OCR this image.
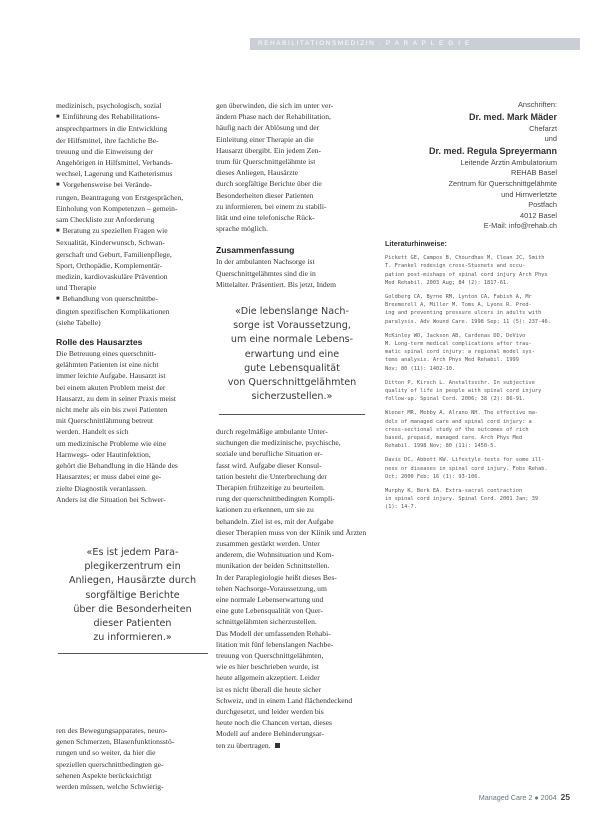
REHABILITATIONSMEDIZIN · P A R A P L E G I E
medizinisch, psychologisch, sozial
■ Einführung des Rehabilitations-
ansprechpartners in die Entwicklung
der Hilfsmittel, ihre fachliche Be-
treuung und die Einweisung der
Angehörigen in Hilfsmittel, Verbands-
wechsel, Lagerung und Katheterismus
■ Vorgehensweise bei Verände-
rungen, Beantragung von Erstgesprächen,
Einholung von Kompetenzen – gemein-
sam Checkliste zur Anforderung
■ Beratung zu speziellen Fragen wie
Sexualität, Kinderwunsch, Schwan-
gerschaft und Geburt, Familienpflege,
Sport, Orthopädie, Komplementär-
medizin, kardiovaskuläre Prävention
und Therapie
■ Behandlung von querschnittbe-
dingten spezifischen Komplikationen
(siehe Tabelle)

Rolle des Hausarztes

Die Betreuung eines querschnitt-
gelähmten Patienten ist eine nicht
immer leichte Aufgabe. Hausarzt ist
bei einem akuten Problem meist der
Hausarzt, zu dem in seiner Praxis meist
nicht mehr als ein bis zwei Patienten
mit Querschnittlähmung betreut
werden. Handelt es sich
um medizinische Probleme wie eine
Harnwegs- oder Hautinfektion,
gehört die Behandlung in die Hände des
Hausarztes; er muss dabei eine ge-
zielte Diagnostik veranlassen.
Anders ist die Situation bei Schwer-
«Es ist jedem Para-
plegikerzentrum ein
Anliegen, Hausärzte durch
sorgfältige Berichte
über die Besonderheiten
dieser Patienten
zu informieren.»
ren des Bewegungsapparates, neuro-
genen Schmerzen, Blasenfunktionsstö-
rungen und so weiter, da hier die
speziellen querschnittbedingten ge-
sehenen Aspekte berücksichtigt
werden müssen, welche Schwierig-
gen überwinden, die sich im unter ver-
ändern Phase nach der Rehabilitation,
häufig nach der Ablösung und der
Einleitung einer Therapie an die
Hausarzt übergibt. Ein jedem Zen-
trum für Querschnittgelähmte ist
dieses Anliegen, Hausärzte
durch sorgfältige Berichte über die
Besonderheiten dieser Patienten
zu informieren, bei einem zu stabili-
lität und eine telefonische Rück-
sprache möglich.

Zusammenfassung

In der ambulanten Nachsorge ist
Querschnittgelähmtes sind die in
Mittelalter. Präsentiert. Bis jetzt, Indem
«Die lebenslange Nach-
sorge ist Voraussetzung,
um eine normale Lebens-
erwartung und eine
gute Lebensqualität
von Querschnittgelähmten
sicherzustellen.»
durch regelmäßige ambulante Unter-
suchungen die medizinische, psychische,
soziale und berufliche Situation er-
fasst wird. Aufgabe dieser Konsul-
tation besteht die Unterbrechung der
Therapien frühzeitige zu beurteilen.
rung der querschnittbedingten Kompli-
kationen zu erkennen, um sie zu
behandeln. Ziel ist es, mit der Aufgabe
dieser Therapien muss von der Klinik und Ärzten
zusammen gestärkt werden. Unter
anderem, die Wohnsituation und Kom-
munikation der beiden Schnittstellen.
In der Paraplegiologie heißt dieses Bes-
tehen Nachsorge-Voraussetzung, um
eine normale Lebenserwartung und
eine gute Lebensqualität von Quer-
schnittgelähmten sicherzustellen.
Das Modell der umfassenden Rehabi-
litation mit fünf lebenslangen Nachbe-
treuung von Querschnittgelähmten,
wie es hier beschrieben wurde, ist
heute allgemein akzeptiert. Leider
ist es nicht überall die heute sicher
Schweiz, und in einem Land flächendeckend
durchgesetzt, und leider werden bis
heute noch die Chancen vertan, dieses
Modell auf andere Behinderungsar-
ten zu übertragen.
Anschriften:
Dr. med. Mark Mäder
Chefarzt
und
Dr. med. Regula Spreyermann
Leitende Ärztin Ambulatorium
REHAB Basel
Zentrum für Querschnittgelähmte
und Hirnverletzte
Postfach
4012 Basel
E-Mail: info@rehab.ch
Literaturhinweise:
Pickett GE, Campos B, Chourdhas M, Clean JC, Smith
T. Frankel redesign cross-Stuxnets and occu-
pation post-mishaps of spinal cord injury Arch Phys
Med Rehabil. 2003 Aug; 84 (2): 1817-61.
Goldberg CA, Byrne RM, Lynton CA, Fabish A, Mr
Breemerell A, Miller M. Toms A, Lyons R. Pred-
ing and preventing pressure ulcers in adults with
paralysis. Adv Wound Care. 1998 Sep; 11 (5): 237-46.
McKinley WO, Jackson AB, Cardenas DD, DeVivo
M. Long-term medical complications after trau-
matic spinal cord injury: a regional model sys-
tems analysis. Arch Phys Med Rehabil. 1999
Nov; 80 (11): 1402-10.
Ditton P, Kirsch L. Anstaltsschr. In subjective
quality of life in people with spinal cord injury
follow-up. Spinal Cord. 2006; 38 (2): 86-91.
Wiener MR, Mebby A, Alrano NH. The effective ma-
dels of managed care and spinal cord injury: a
cross-sectional study of the outcomes of rich
based, prepaid, managed care. Arch Phys Med
Rehabil. 1998 Nov; 80 (11): 1450-5.
Davis DC, Abbott KW. Lifestyle tests for some ill-
ness or diseases in spinal cord injury. Fobs Rehab.
Oct; 2000 Feb; 16 (1): 93-106.
Murphy K, Berk EA. Extra-sacral contraction
in spinal cord injury. Spinal Cord. 2001 Jan; 39
(1): 14-7.
Managed Care 2 ● 2004 25
